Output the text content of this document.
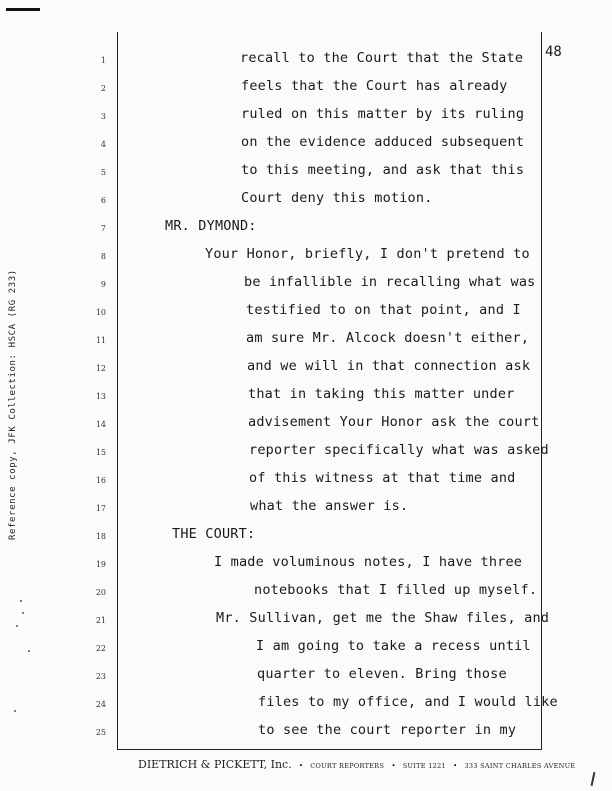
Reference copy, JFK Collection: HSCA (RG 233)
48
1	recall to the Court that the State
2	feels that the Court has already
3	ruled on this matter by its ruling
4	on the evidence adduced subsequent
5	to this meeting, and ask that this
6	Court deny this motion.
7	MR. DYMOND:
8	Your Honor, briefly, I don't pretend to
9	be infallible in recalling what was
10	testified to on that point, and I
11	am sure Mr. Alcock doesn't either,
12	and we will in that connection ask
13	that in taking this matter under
14	advisement Your Honor ask the court
15	reporter specifically what was asked
16	of this witness at that time and
17	what the answer is.
18	THE COURT:
19	I made voluminous notes, I have three
20	notebooks that I filled up myself.
21	Mr. Sullivan, get me the Shaw files, and
22	I am going to take a recess until
23	quarter to eleven. Bring those
24	files to my office, and I would like
25	to see the court reporter in my
DIETRICH & PICKETT, Inc. • COURT REPORTERS • SUITE 1221 • 333 SAINT CHARLES AVENUE
